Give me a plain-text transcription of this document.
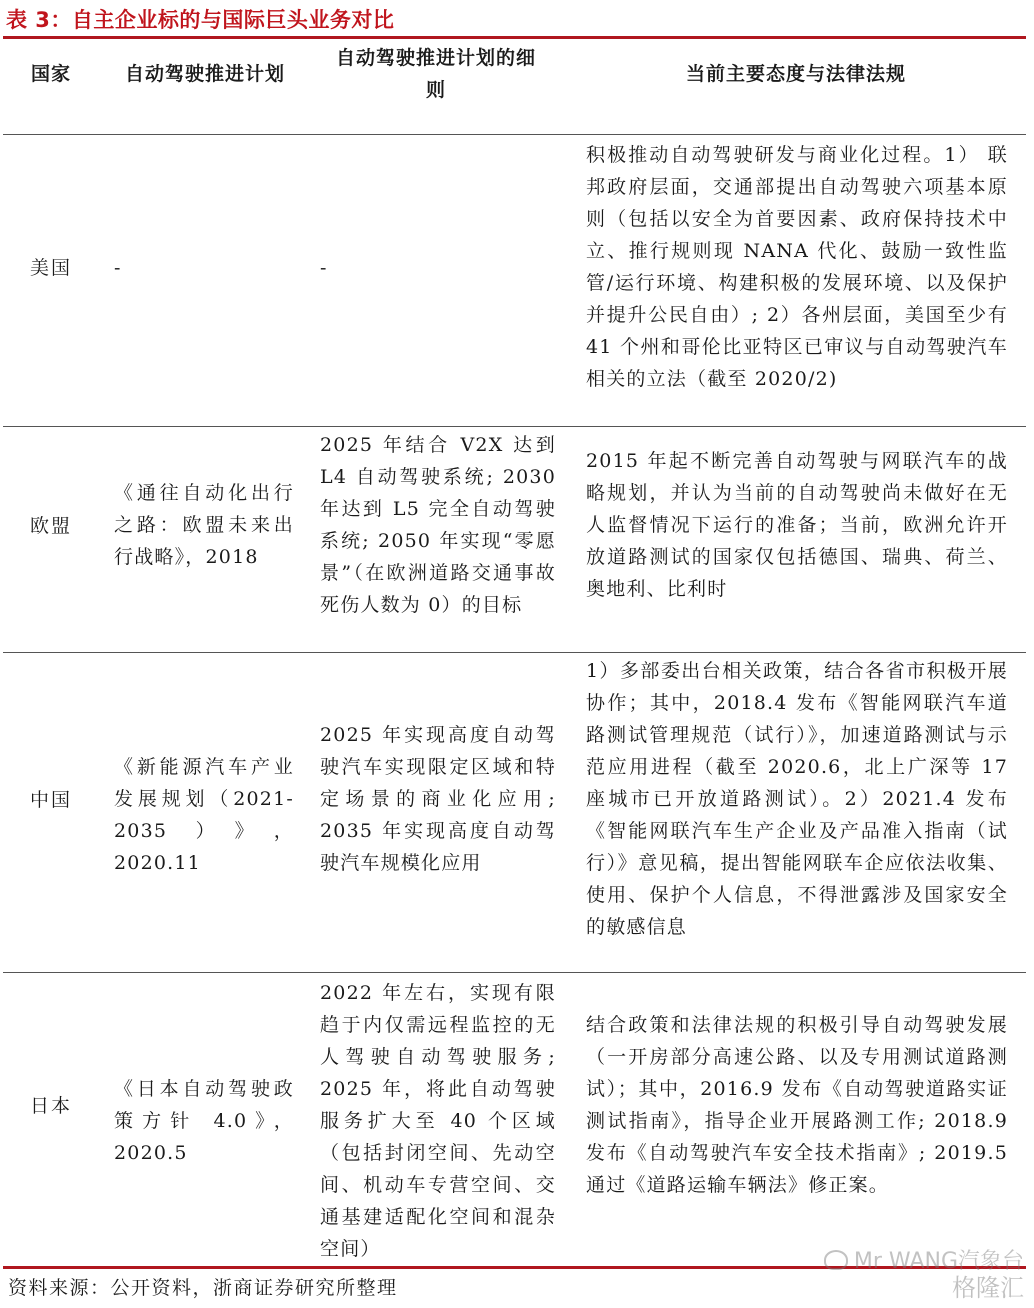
表 3：自主企业标的与国际巨头业务对比
国家	自动驾驶推进计划
自动驾驶推进计划的细
则
当前主要态度与法律法规
美国 -	-
积极推动自动驾驶研发与商业化过程。1） 联邦政府层面，交通部提出自动驾驶六项基本原则（包括以安全为首要因素、政府保持技术中立、推行规则现 NANA 代化、鼓励一致性监管/运行环境、构建积极的发展环境、以及保护并提升公民自由）; 2）各州层面，美国至少有 41 个州和哥伦比亚特区已审议与自动驾驶汽车相关的立法（截至 2020/2)
欧盟
《通往自动化出行之路：欧盟未来出行战略》，2018
2025 年结合 V2X 达到 L4 自动驾驶系统; 2030 年达到 L5 完全自动驾驶系统; 2050 年实现“零愿景”（在欧洲道路交通事故死伤人数为 0）的目标
2015 年起不断完善自动驾驶与网联汽车的战略规划，并认为当前的自动驾驶尚未做好在无人监督情况下运行的准备；当前，欧洲允许开放道路测试的国家仅包括德国、瑞典、荷兰、奥地利、比利时
中国
《新能源汽车产业发展规划（2021-2035）》，2020.11
2025 年实现高度自动驾驶汽车实现限定区域和特定场景的商业化应用; 2035 年实现高度自动驾驶汽车规模化应用
1）多部委出台相关政策，结合各省市积极开展协作；其中，2018.4 发布《智能网联汽车道路测试管理规范（试行）》，加速道路测试与示范应用进程（截至 2020.6，北上广深等 17 座城市已开放道路测试）。2）2021.4 发布《智能网联汽车生产企业及产品准入指南（试行）》意见稿，提出智能网联车企应依法收集、使用、保护个人信息，不得泄露涉及国家安全的敏感信息
日本
《日本自动驾驶政策方针 4.0》，2020.5
2022 年左右，实现有限趋于内仅需远程监控的无人驾驶自动驾驶服务; 2025 年，将此自动驾驶服务扩大至 40 个区域（包括封闭空间、先动空间、机动车专营空间、交通基建适配化空间和混杂空间）
结合政策和法律法规的积极引导自动驾驶发展（一开房部分高速公路、以及专用测试道路测试）；其中，2016.9 发布《自动驾驶道路实证测试指南》，指导企业开展路测工作; 2018.9 发布《自动驾驶汽车安全技术指南》; 2019.5 通过《道路运输车辆法》修正案。
资料来源：公开资料，浙商证券研究所整理
Mr WANG汽象台
格隆汇
